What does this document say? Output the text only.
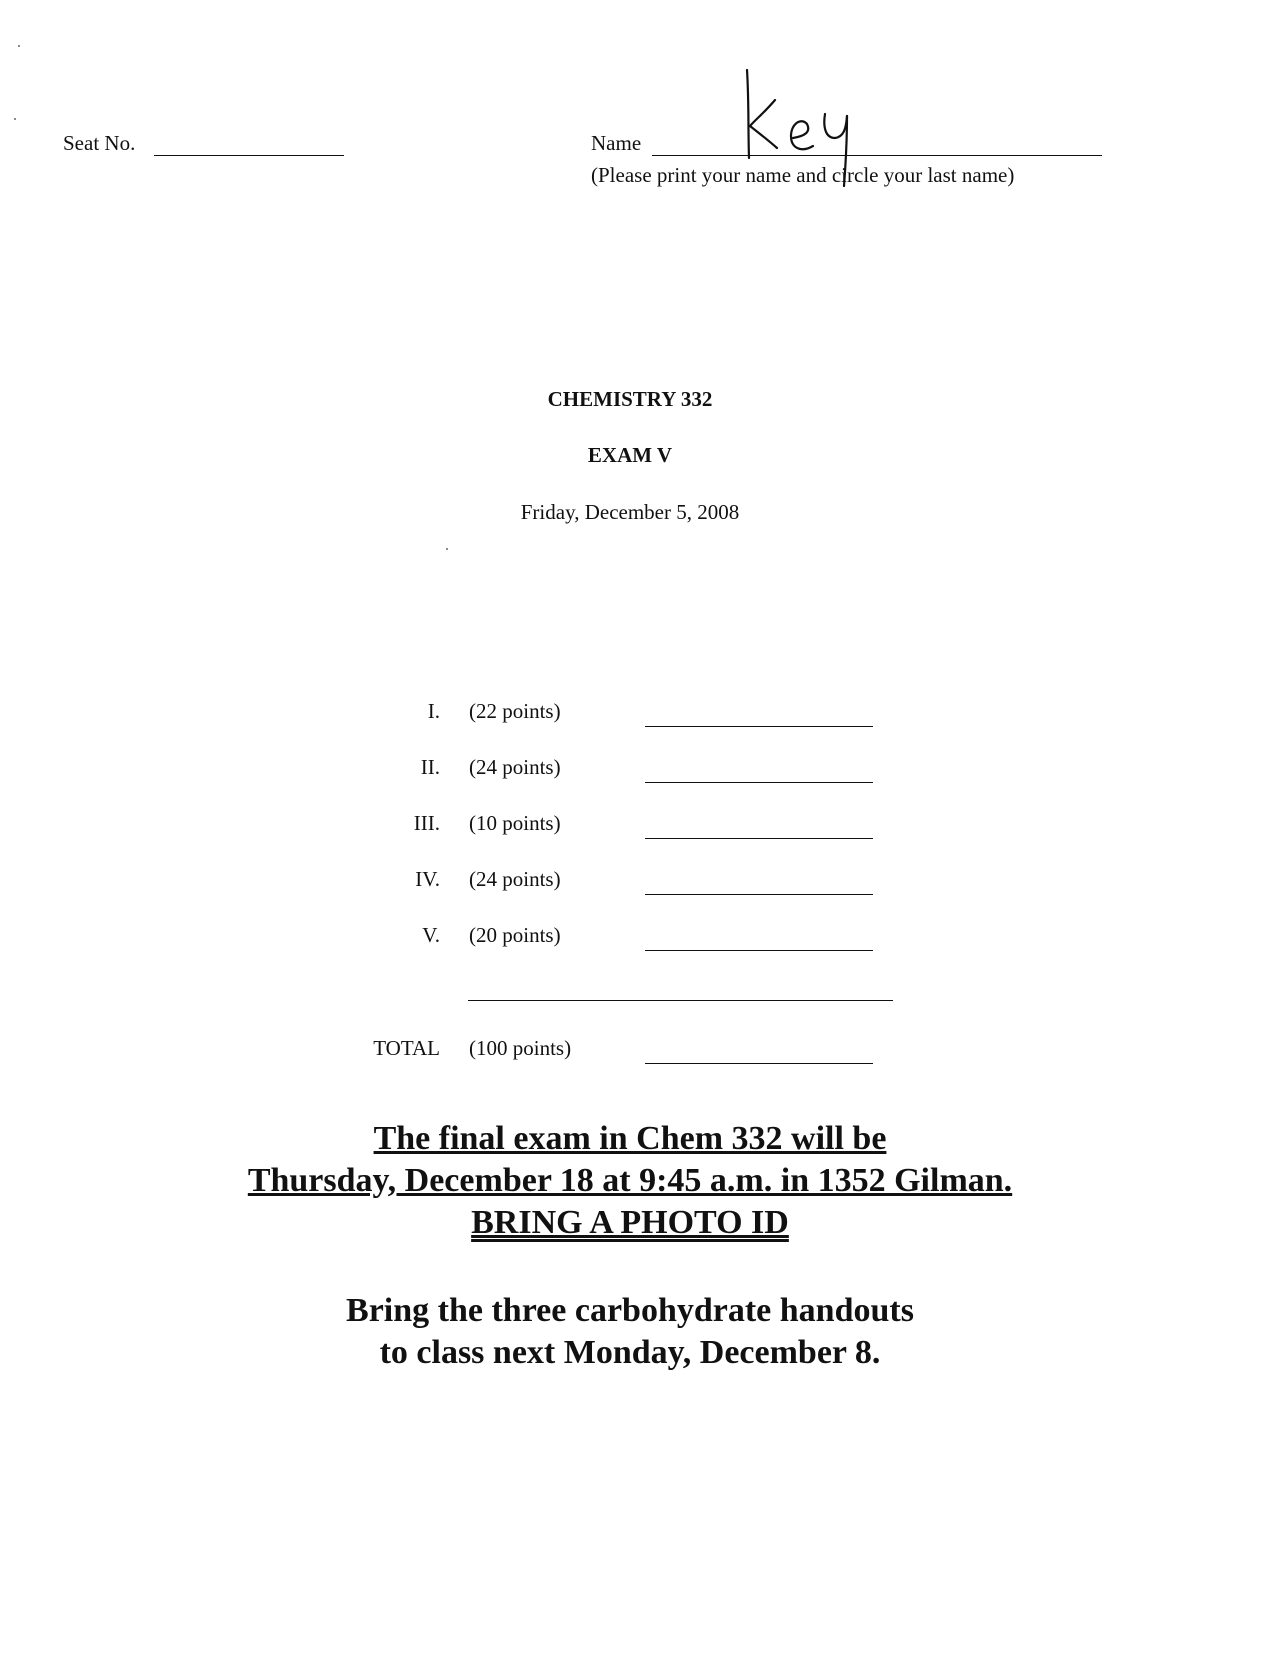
Seat No.	Name
(Please print your name and circle your last name)
CHEMISTRY 332
EXAM V
Friday, December 5, 2008
I. (22 points)
II. (24 points)
III. (10 points)
IV. (24 points)
V. (20 points)
TOTAL (100 points)
The final exam in Chem 332 will be
Thursday, December 18 at 9:45 a.m. in 1352 Gilman.
BRING A PHOTO ID
Bring the three carbohydrate handouts
to class next Monday, December 8.
